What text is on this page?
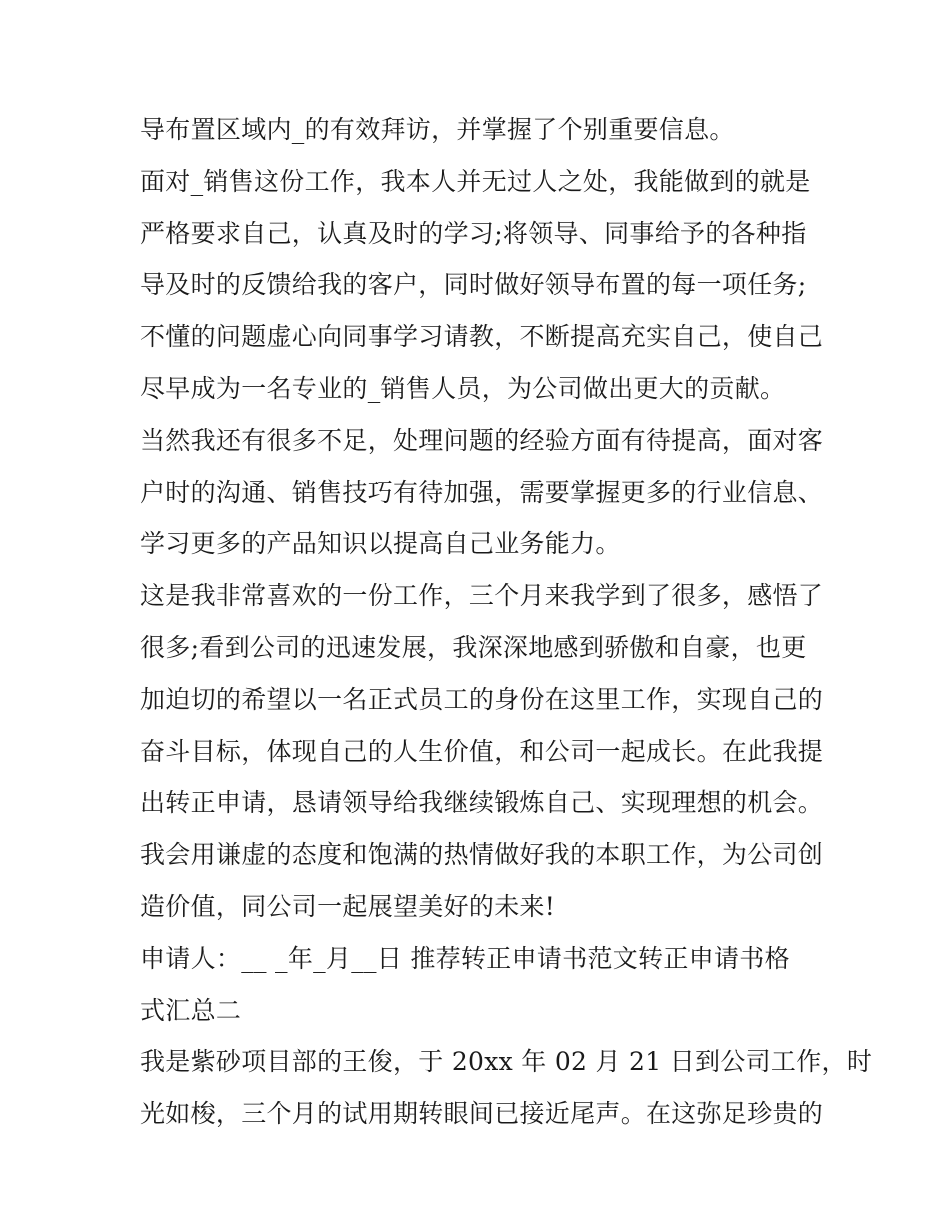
导布置区域内_的有效拜访，并掌握了个别重要信息。
面对_销售这份工作，我本人并无过人之处，我能做到的就是
严格要求自己，认真及时的学习;将领导、同事给予的各种指
导及时的反馈给我的客户，同时做好领导布置的每一项任务;
不懂的问题虚心向同事学习请教，不断提高充实自己，使自己
尽早成为一名专业的_销售人员，为公司做出更大的贡献。
当然我还有很多不足，处理问题的经验方面有待提高，面对客
户时的沟通、销售技巧有待加强，需要掌握更多的行业信息、
学习更多的产品知识以提高自己业务能力。
这是我非常喜欢的一份工作，三个月来我学到了很多，感悟了
很多;看到公司的迅速发展，我深深地感到骄傲和自豪，也更
加迫切的希望以一名正式员工的身份在这里工作，实现自己的
奋斗目标，体现自己的人生价值，和公司一起成长。在此我提
出转正申请，恳请领导给我继续锻炼自己、实现理想的机会。
我会用谦虚的态度和饱满的热情做好我的本职工作，为公司创
造价值，同公司一起展望美好的未来!
申请人：__ _年_月__日 推荐转正申请书范文转正申请书格
式汇总二
我是紫砂项目部的王俊，于 20xx 年 02 月 21 日到公司工作，时
光如梭，三个月的试用期转眼间已接近尾声。在这弥足珍贵的
